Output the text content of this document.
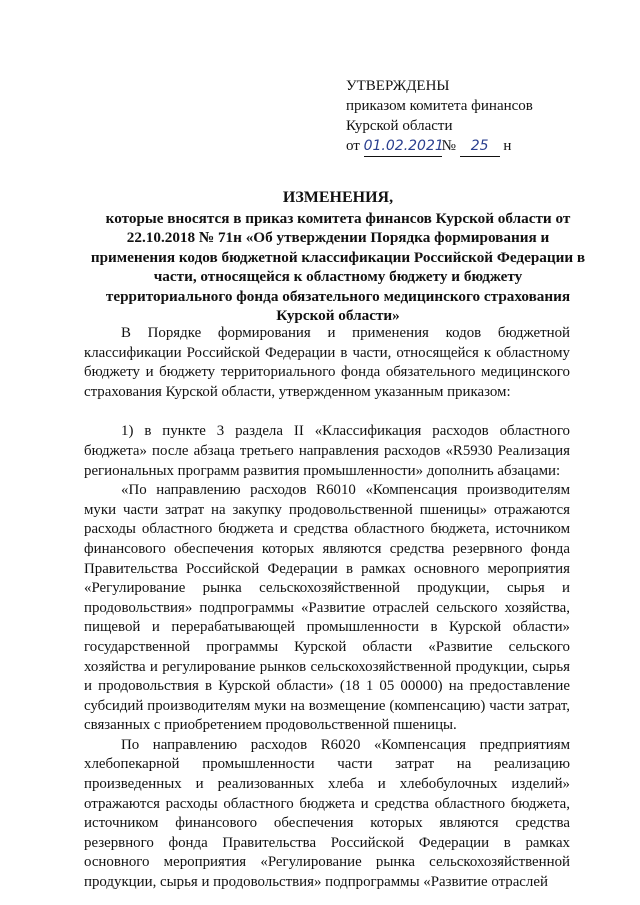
УТВЕРЖДЕНЫ
приказом комитета финансов
Курской области
от 01.02.2021№ 25 н
ИЗМЕНЕНИЯ,
которые вносятся в приказ комитета финансов Курской области от 22.10.2018 № 71н «Об утверждении Порядка формирования и применения кодов бюджетной классификации Российской Федерации в части, относящейся к областному бюджету и бюджету территориального фонда обязательного медицинского страхования Курской области»

В Порядке формирования и применения кодов бюджетной классификации Российской Федерации в части, относящейся к областному бюджету и бюджету территориального фонда обязательного медицинского страхования Курской области, утвержденном указанным приказом:

1) в пункте 3 раздела II «Классификация расходов областного бюджета» после абзаца третьего направления расходов «R5930 Реализация региональных программ развития промышленности» дополнить абзацами:

«По направлению расходов R6010 «Компенсация производителям муки части затрат на закупку продовольственной пшеницы» отражаются расходы областного бюджета и средства областного бюджета, источником финансового обеспечения которых являются средства резервного фонда Правительства Российской Федерации в рамках основного мероприятия «Регулирование рынка сельскохозяйственной продукции, сырья и продовольствия» подпрограммы «Развитие отраслей сельского хозяйства, пищевой и перерабатывающей промышленности в Курской области» государственной программы Курской области «Развитие сельского хозяйства и регулирование рынков сельскохозяйственной продукции, сырья и продовольствия в Курской области» (18 1 05 00000) на предоставление субсидий производителям муки на возмещение (компенсацию) части затрат, связанных с приобретением продовольственной пшеницы.

По направлению расходов R6020 «Компенсация предприятиям хлебопекарной промышленности части затрат на реализацию произведенных и реализованных хлеба и хлебобулочных изделий» отражаются расходы областного бюджета и средства областного бюджета, источником финансового обеспечения которых являются средства резервного фонда Правительства Российской Федерации в рамках основного мероприятия «Регулирование рынка сельскохозяйственной продукции, сырья и продовольствия» подпрограммы «Развитие отраслей
